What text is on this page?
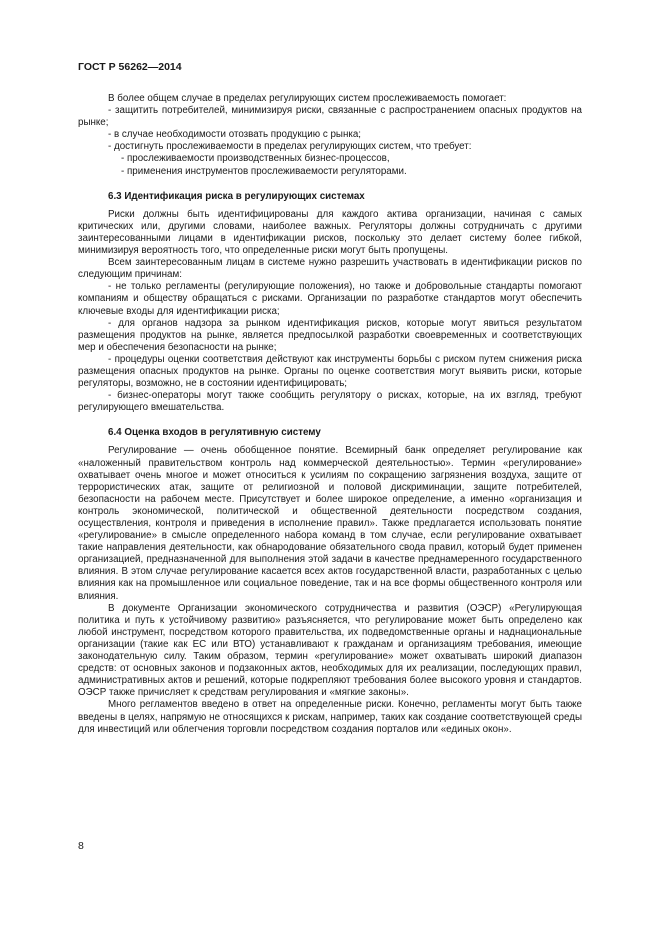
ГОСТ Р 56262—2014

В более общем случае в пределах регулирующих систем прослеживаемость помогает:

- защитить потребителей, минимизируя риски, связанные с распространением опасных продуктов на рынке;

- в случае необходимости отозвать продукцию с рынка;

- достигнуть прослеживаемости в пределах регулирующих систем, что требует:

- прослеживаемости производственных бизнес-процессов,

- применения инструментов прослеживаемости регуляторами.

6.3 Идентификация риска в регулирующих системах

Риски должны быть идентифицированы для каждого актива организации, начиная с самых критических или, другими словами, наиболее важных. Регуляторы должны сотрудничать с другими заинтересованными лицами в идентификации рисков, поскольку это делает систему более гибкой, минимизируя вероятность того, что определенные риски могут быть пропущены.

Всем заинтересованным лицам в системе нужно разрешить участвовать в идентификации рисков по следующим причинам:

- не только регламенты (регулирующие положения), но также и добровольные стандарты помогают компаниям и обществу обращаться с рисками. Организации по разработке стандартов могут обеспечить ключевые входы для идентификации риска;

- для органов надзора за рынком идентификация рисков, которые могут явиться результатом размещения продуктов на рынке, является предпосылкой разработки своевременных и соответствующих мер и обеспечения безопасности на рынке;

- процедуры оценки соответствия действуют как инструменты борьбы с риском путем снижения риска размещения опасных продуктов на рынке. Органы по оценке соответствия могут выявить риски, которые регуляторы, возможно, не в состоянии идентифицировать;

- бизнес-операторы могут также сообщить регулятору о рисках, которые, на их взгляд, требуют регулирующего вмешательства.

6.4 Оценка входов в регулятивную систему

Регулирование — очень обобщенное понятие. Всемирный банк определяет регулирование как «наложенный правительством контроль над коммерческой деятельностью». Термин «регулирование» охватывает очень многое и может относиться к усилиям по сокращению загрязнения воздуха, защите от террористических атак, защите от религиозной и половой дискриминации, защите потребителей, безопасности на рабочем месте. Присутствует и более широкое определение, а именно «организация и контроль экономической, политической и общественной деятельности посредством создания, осуществления, контроля и приведения в исполнение правил». Также предлагается использовать понятие «регулирование» в смысле определенного набора команд в том случае, если регулирование охватывает такие направления деятельности, как обнародование обязательного свода правил, который будет применен организацией, предназначенной для выполнения этой задачи в качестве преднамеренного государственного влияния. В этом случае регулирование касается всех актов государственной власти, разработанных с целью влияния как на промышленное или социальное поведение, так и на все формы общественного контроля или влияния.

В документе Организации экономического сотрудничества и развития (ОЭСР) «Регулирующая политика и путь к устойчивому развитию» разъясняется, что регулирование может быть определено как любой инструмент, посредством которого правительства, их подведомственные органы и наднациональные организации (такие как ЕС или ВТО) устанавливают к гражданам и организациям требования, имеющие законодательную силу. Таким образом, термин «регулирование» может охватывать широкий диапазон средств: от основных законов и подзаконных актов, необходимых для их реализации, последующих правил, административных актов и решений, которые подкрепляют требования более высокого уровня и стандартов. ОЭСР также причисляет к средствам регулирования и «мягкие законы».

Много регламентов введено в ответ на определенные риски. Конечно, регламенты могут быть также введены в целях, напрямую не относящихся к рискам, например, таких как создание соответствующей среды для инвестиций или облегчения торговли посредством создания порталов или «единых окон».

8
